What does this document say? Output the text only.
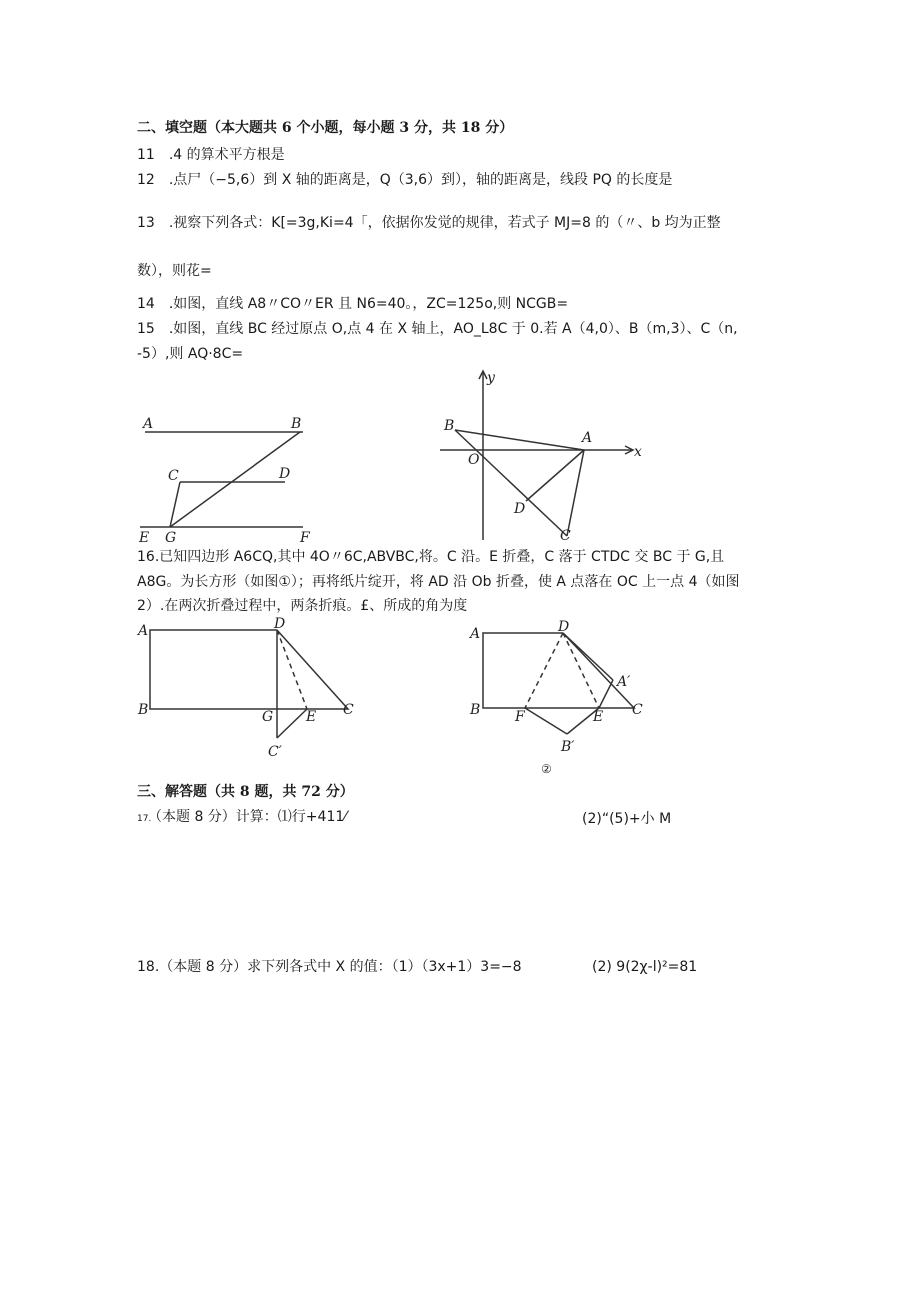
二、填空题（本大题共 6 个小题，每小题 3 分，共 18 分）
11　.4 的算术平方根是
12　.点尸（−5,6）到 X 轴的距离是，Q（3,6）到），轴的距离是，线段 PQ 的长度是
13　.视察下列各式：K[=3g,Ki=4「，依据你发觉的规律，若式子 MJ=8 的（〃、b 均为正整
数），则花=
14　.如图，直线 A8〃CO〃ER 且 N6=40。，ZC=125o,则 NCGB=
15　.如图，直线 BC 经过原点 O,点 4 在 X 轴上，AO_L8C 于 0.若 A（4,0）、B（m,3）、C（n,
-5）,则 AQ·8C=
A	B
C	D
E G	F
y
x
B
A
O
D
C
16.已知四边形 A6CQ,其中 4O〃6C,ABVBC,将。C 沿。E 折叠，C 落于 CTDC 交 BC 于 G,且
A8G。为长方形（如图①）；再将纸片绽开，将 AD 沿 Ob 折叠，使 A 点落在 OC 上一点 4（如图
2）.在两次折叠过程中，两条折痕。£、所成的角为度
A	D
B	G E C
C′
A	D
A′
B F	E C
B′
②
三、解答题（共 8 题，共 72 分）
17.
（本题 8 分）计算：⑴行+411⁄	(2)“(5)+小 M
18.（本题 8 分）求下列各式中 X 的值：（1）（3x+1）3=−8	(2) 9(2χ-l)²=81
